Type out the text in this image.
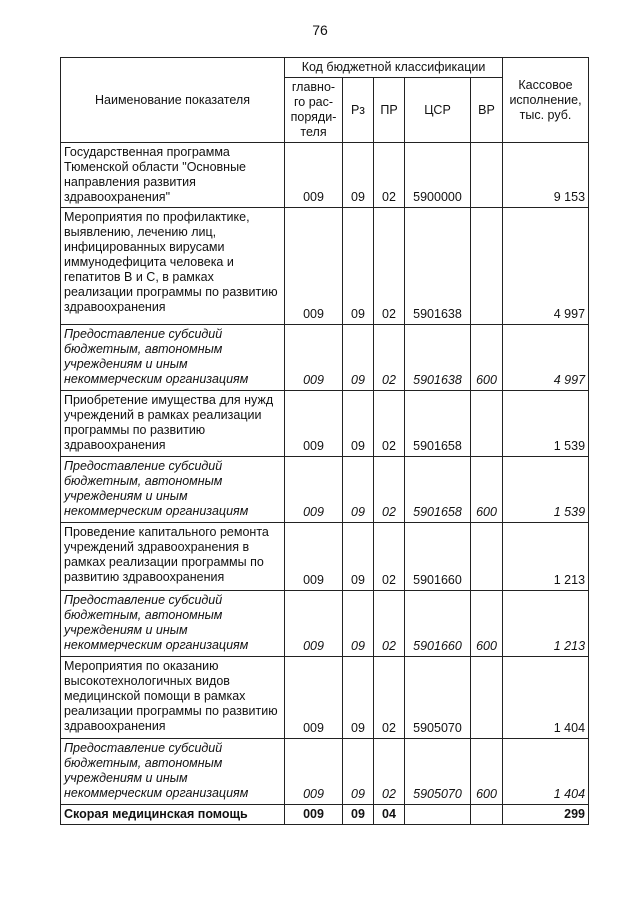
76
Наименование показателя	Код бюджетной классификации					Кассовое исполнение, тыс. руб.
	главно-го рас-поряди-теля	Рз	ПР	ЦСР	ВР	
Государственная программа Тюменской области "Основные направления развития здравоохранения"	009	09	02	5900000		9 153
Мероприятия по профилактике, выявлению, лечению лиц, инфицированных вирусами иммунодефицита человека и гепатитов В и С, в рамках реализации программы по развитию здравоохранения	009	09	02	5901638		4 997
Предоставление субсидий бюджетным, автономным учреждениям и иным некоммерческим организациям	009	09	02	5901638	600	4 997
Приобретение имущества для нужд учреждений в рамках реализации программы по развитию здравоохранения	009	09	02	5901658		1 539
Предоставление субсидий бюджетным, автономным учреждениям и иным некоммерческим организациям	009	09	02	5901658	600	1 539
Проведение капитального ремонта учреждений здравоохранения в рамках реализации программы по развитию здравоохранения	009	09	02	5901660		1 213
Предоставление субсидий бюджетным, автономным учреждениям и иным некоммерческим организациям	009	09	02	5901660	600	1 213
Мероприятия по оказанию высокотехнологичных видов медицинской помощи в рамках реализации программы по развитию здравоохранения	009	09	02	5905070		1 404
Предоставление субсидий бюджетным, автономным учреждениям и иным некоммерческим организациям	009	09	02	5905070	600	1 404
Скорая медицинская помощь	009	09	04			299
